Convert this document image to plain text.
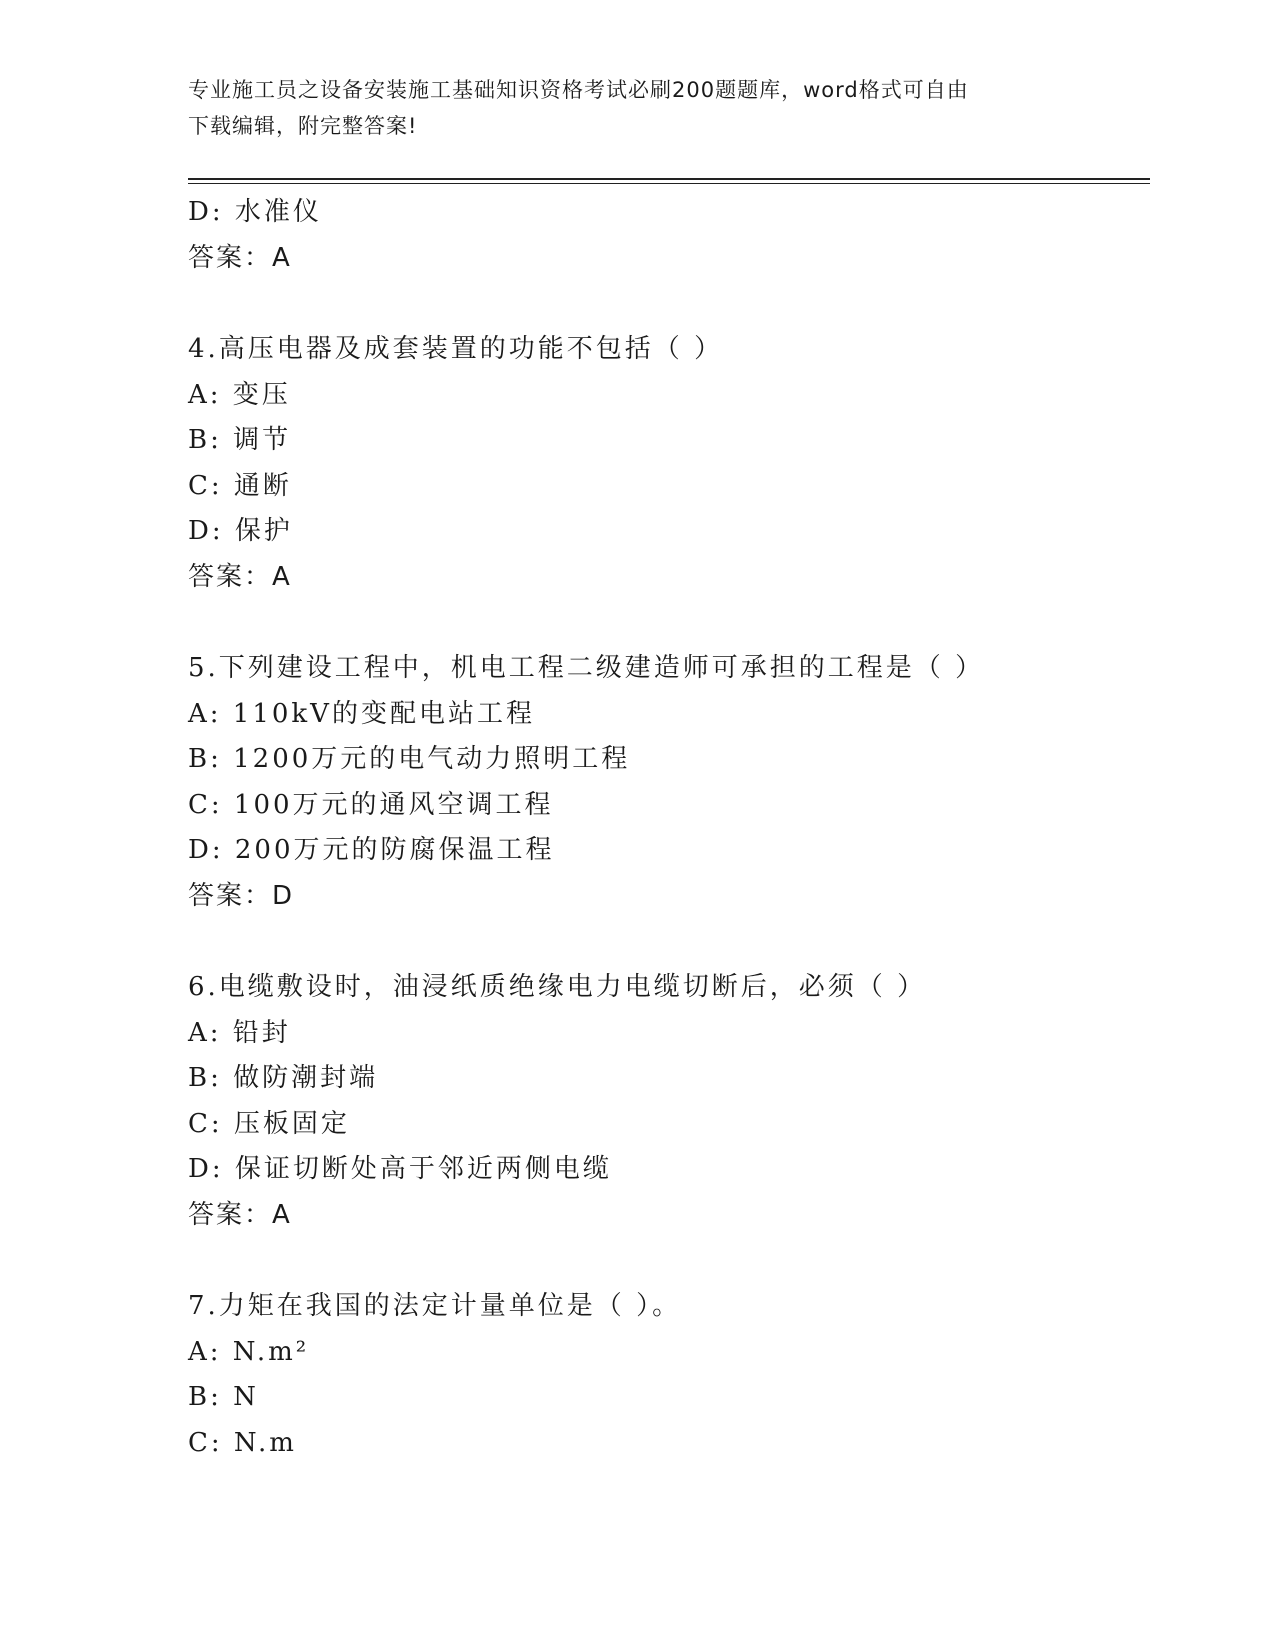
专业施工员之设备安装施工基础知识资格考试必刷200题题库，word格式可自由
下载编辑，附完整答案!
D: 水准仪
答案：A
4.高压电器及成套装置的功能不包括（ ）
A: 变压
B: 调节
C: 通断
D: 保护
答案：A
5.下列建设工程中，机电工程二级建造师可承担的工程是（ ）
A: 110kV的变配电站工程
B: 1200万元的电气动力照明工程
C: 100万元的通风空调工程
D: 200万元的防腐保温工程
答案：D
6.电缆敷设时，油浸纸质绝缘电力电缆切断后，必须（ ）
A: 铅封
B: 做防潮封端
C: 压板固定
D: 保证切断处高于邻近两侧电缆
答案：A
7.力矩在我国的法定计量单位是（ ）。
A: N.m²
B: N
C: N.m
